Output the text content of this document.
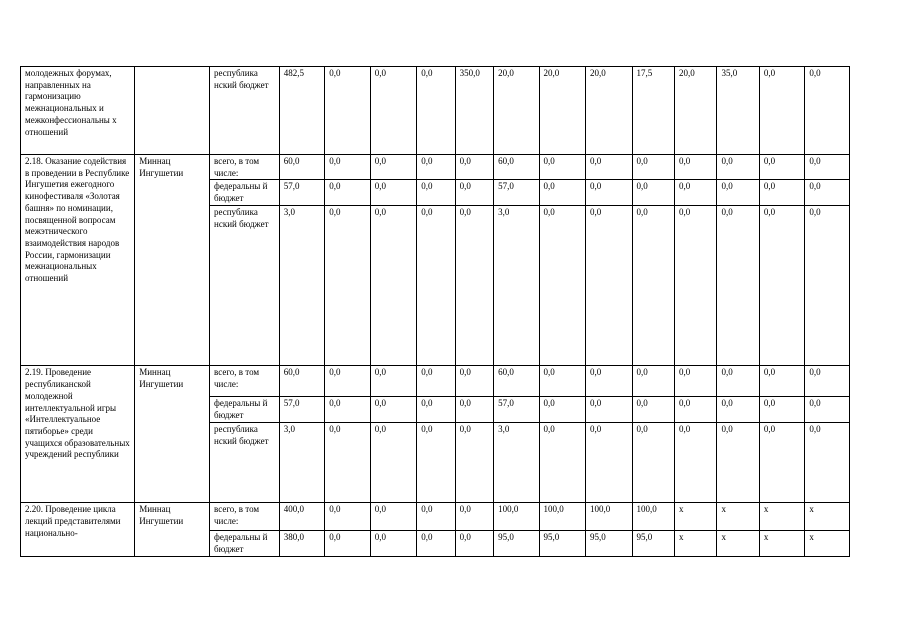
молодежных форумах, направленных на гармонизацию межнациональных и межконфессиональны х отношений		республика нский бюджет	482,5	0,0	0,0	0,0	350,0	20,0	20,0	20,0	17,5	20,0	35,0	0,0	0,0
2.18. Оказание содействия в проведении в Республике Ингушетия ежегодного кинофестиваля «Золотая башня» по номинации, посвященной вопросам межэтнического взаимодействия народов России, гармонизации межнациональных отношений	Миннац Ингушетии	всего, в том числе:	60,0	0,0	0,0	0,0	0,0	60,0	0,0	0,0	0,0	0,0	0,0	0,0	0,0
		федеральны й бюджет	57,0	0,0	0,0	0,0	0,0	57,0	0,0	0,0	0,0	0,0	0,0	0,0	0,0
		республика нский бюджет	3,0	0,0	0,0	0,0	0,0	3,0	0,0	0,0	0,0	0,0	0,0	0,0	0,0
2.19. Проведение республиканской молодежной интеллектуальной игры «Интеллектуальное пятиборье» среди учащихся образовательных учреждений республики	Миннац Ингушетии	всего, в том числе:	60,0	0,0	0,0	0,0	0,0	60,0	0,0	0,0	0,0	0,0	0,0	0,0	0,0
		федеральны й бюджет	57,0	0,0	0,0	0,0	0,0	57,0	0,0	0,0	0,0	0,0	0,0	0,0	0,0
		республика нский бюджет	3,0	0,0	0,0	0,0	0,0	3,0	0,0	0,0	0,0	0,0	0,0	0,0	0,0
2.20. Проведение цикла лекций представителями национально-	Миннац Ингушетии	всего, в том числе:	400,0	0,0	0,0	0,0	0,0	100,0	100,0	100,0	100,0	х	х	х	х
		федеральны й бюджет	380,0	0,0	0,0	0,0	0,0	95,0	95,0	95,0	95,0	х	х	х	х
